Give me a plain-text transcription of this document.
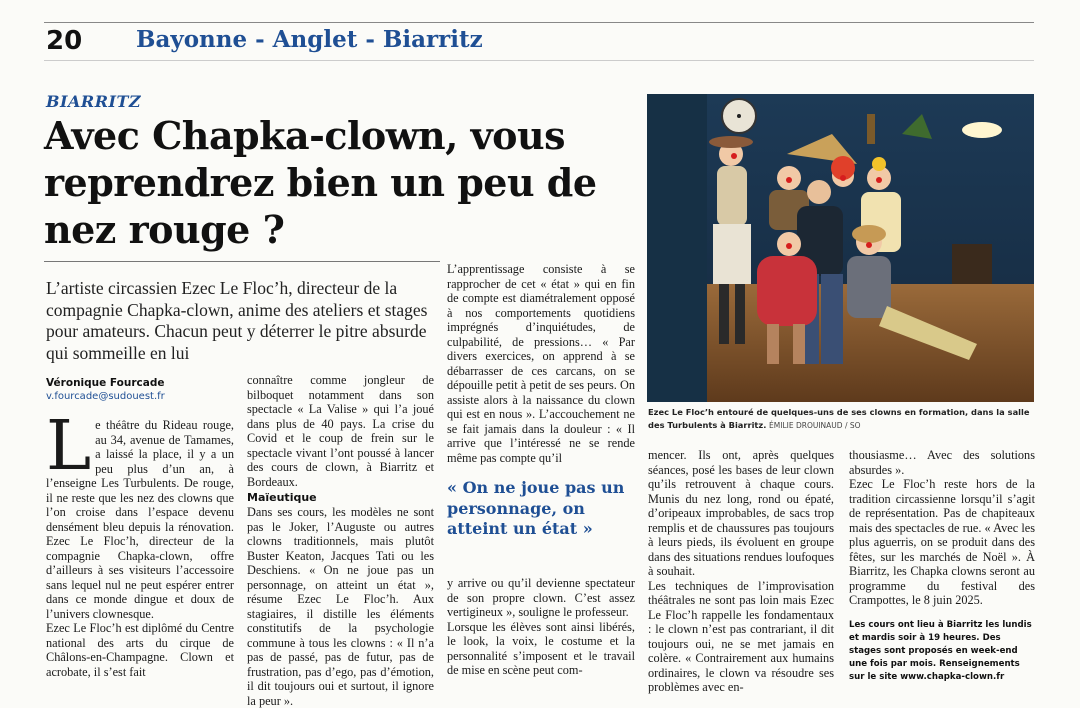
20 Bayonne - Anglet - Biarritz
BIARRITZ
Avec Chapka-clown, vous reprendrez bien un peu de nez rouge ?
L’artiste circassien Ezec Le Floc’h, directeur de la compagnie Chapka-clown, anime des ateliers et stages pour amateurs. Chacun peut y déterrer le pitre absurde qui sommeille en lui
Véronique Fourcade
v.fourcade@sudouest.fr
L e théâtre du Rideau rouge, au 34, avenue de Tamames, a laissé la place, il y a un peu plus d’un an, à l’enseigne Les Turbulents. De rouge, il ne reste que les nez des clowns que l’on croise dans l’espace devenu densément bleu depuis la rénovation. Ezec Le Floc’h, directeur de la compagnie Chapka-clown, offre d’ailleurs à ses visiteurs l’accessoire sans lequel nul ne peut espérer entrer dans ce monde dingue et doux de l’univers clownesque.

Ezec Le Floc’h est diplômé du Centre national des arts du cirque de Châlons-en-Champagne. Clown et acrobate, il s’est fait

connaître comme jongleur de bilboquet notamment dans son spectacle « La Valise » qui l’a joué dans plus de 40 pays. La crise du Covid et le coup de frein sur le spectacle vivant l’ont poussé à lancer des cours de clown, à Biarritz et Bordeaux.

Maïeutique

Dans ses cours, les modèles ne sont pas le Joker, l’Auguste ou autres clowns traditionnels, mais plutôt Buster Keaton, Jacques Tati ou les Deschiens. « On ne joue pas un personnage, on atteint un état », résume Ezec Le Floc’h. Aux stagiaires, il distille les éléments constitutifs de la psychologie commune à tous les clowns : « Il n’a pas de passé, pas de futur, pas de frustration, pas d’ego, pas d’émotion, il dit toujours oui et surtout, il ignore la peur ».

L’apprentissage consiste à se rapprocher de cet « état » qui en fin de compte est diamétralement opposé à nos comportements quotidiens imprégnés d’inquiétudes, de culpabilité, de pressions… « Par divers exercices, on apprend à se débarrasser de ces carcans, on se dépouille petit à petit de ses peurs. On assiste alors à la naissance du clown qui est en nous ». L’accouchement ne se fait jamais dans la douleur : « Il arrive que l’intéressé ne se rende même pas compte qu’il

« On ne joue pas un personnage, on atteint un état »

y arrive ou qu’il devienne spectateur de son propre clown. C’est assez vertigineux », souligne le professeur.

Lorsque les élèves sont ainsi libérés, le look, la voix, le costume et la personnalité s’imposent et le travail de mise en scène peut com-

Ezec Le Floc’h entouré de quelques-uns de ses clowns en formation, dans la salle des Turbulents à Biarritz. ÉMILIE DROUINAUD / SO

mencer. Ils ont, après quelques séances, posé les bases de leur clown qu’ils retrouvent à chaque cours. Munis du nez long, rond ou épaté, d’oripeaux improbables, de sacs trop remplis et de chaussures pas toujours à leurs pieds, ils évoluent en groupe dans des situations rendues loufoques à souhait.

Les techniques de l’improvisation théâtrales ne sont pas loin mais Ezec Le Floc’h rappelle les fondamentaux : le clown n’est pas contrariant, il dit toujours oui, ne se met jamais en colère. « Contrairement aux humains ordinaires, le clown va résoudre ses problèmes avec en-

thousiasme… Avec des solutions absurdes ».

Ezec Le Floc’h reste hors de la tradition circassienne lorsqu’il s’agit de représentation. Pas de chapiteaux mais des spectacles de rue. « Avec les plus aguerris, on se produit dans des fêtes, sur les marchés de Noël ». À Biarritz, les Chapka clowns seront au programme du festival des Crampottes, le 8 juin 2025.

Les cours ont lieu à Biarritz les lundis et mardis soir à 19 heures. Des stages sont proposés en week-end une fois par mois. Renseignements sur le site www.chapka-clown.fr
